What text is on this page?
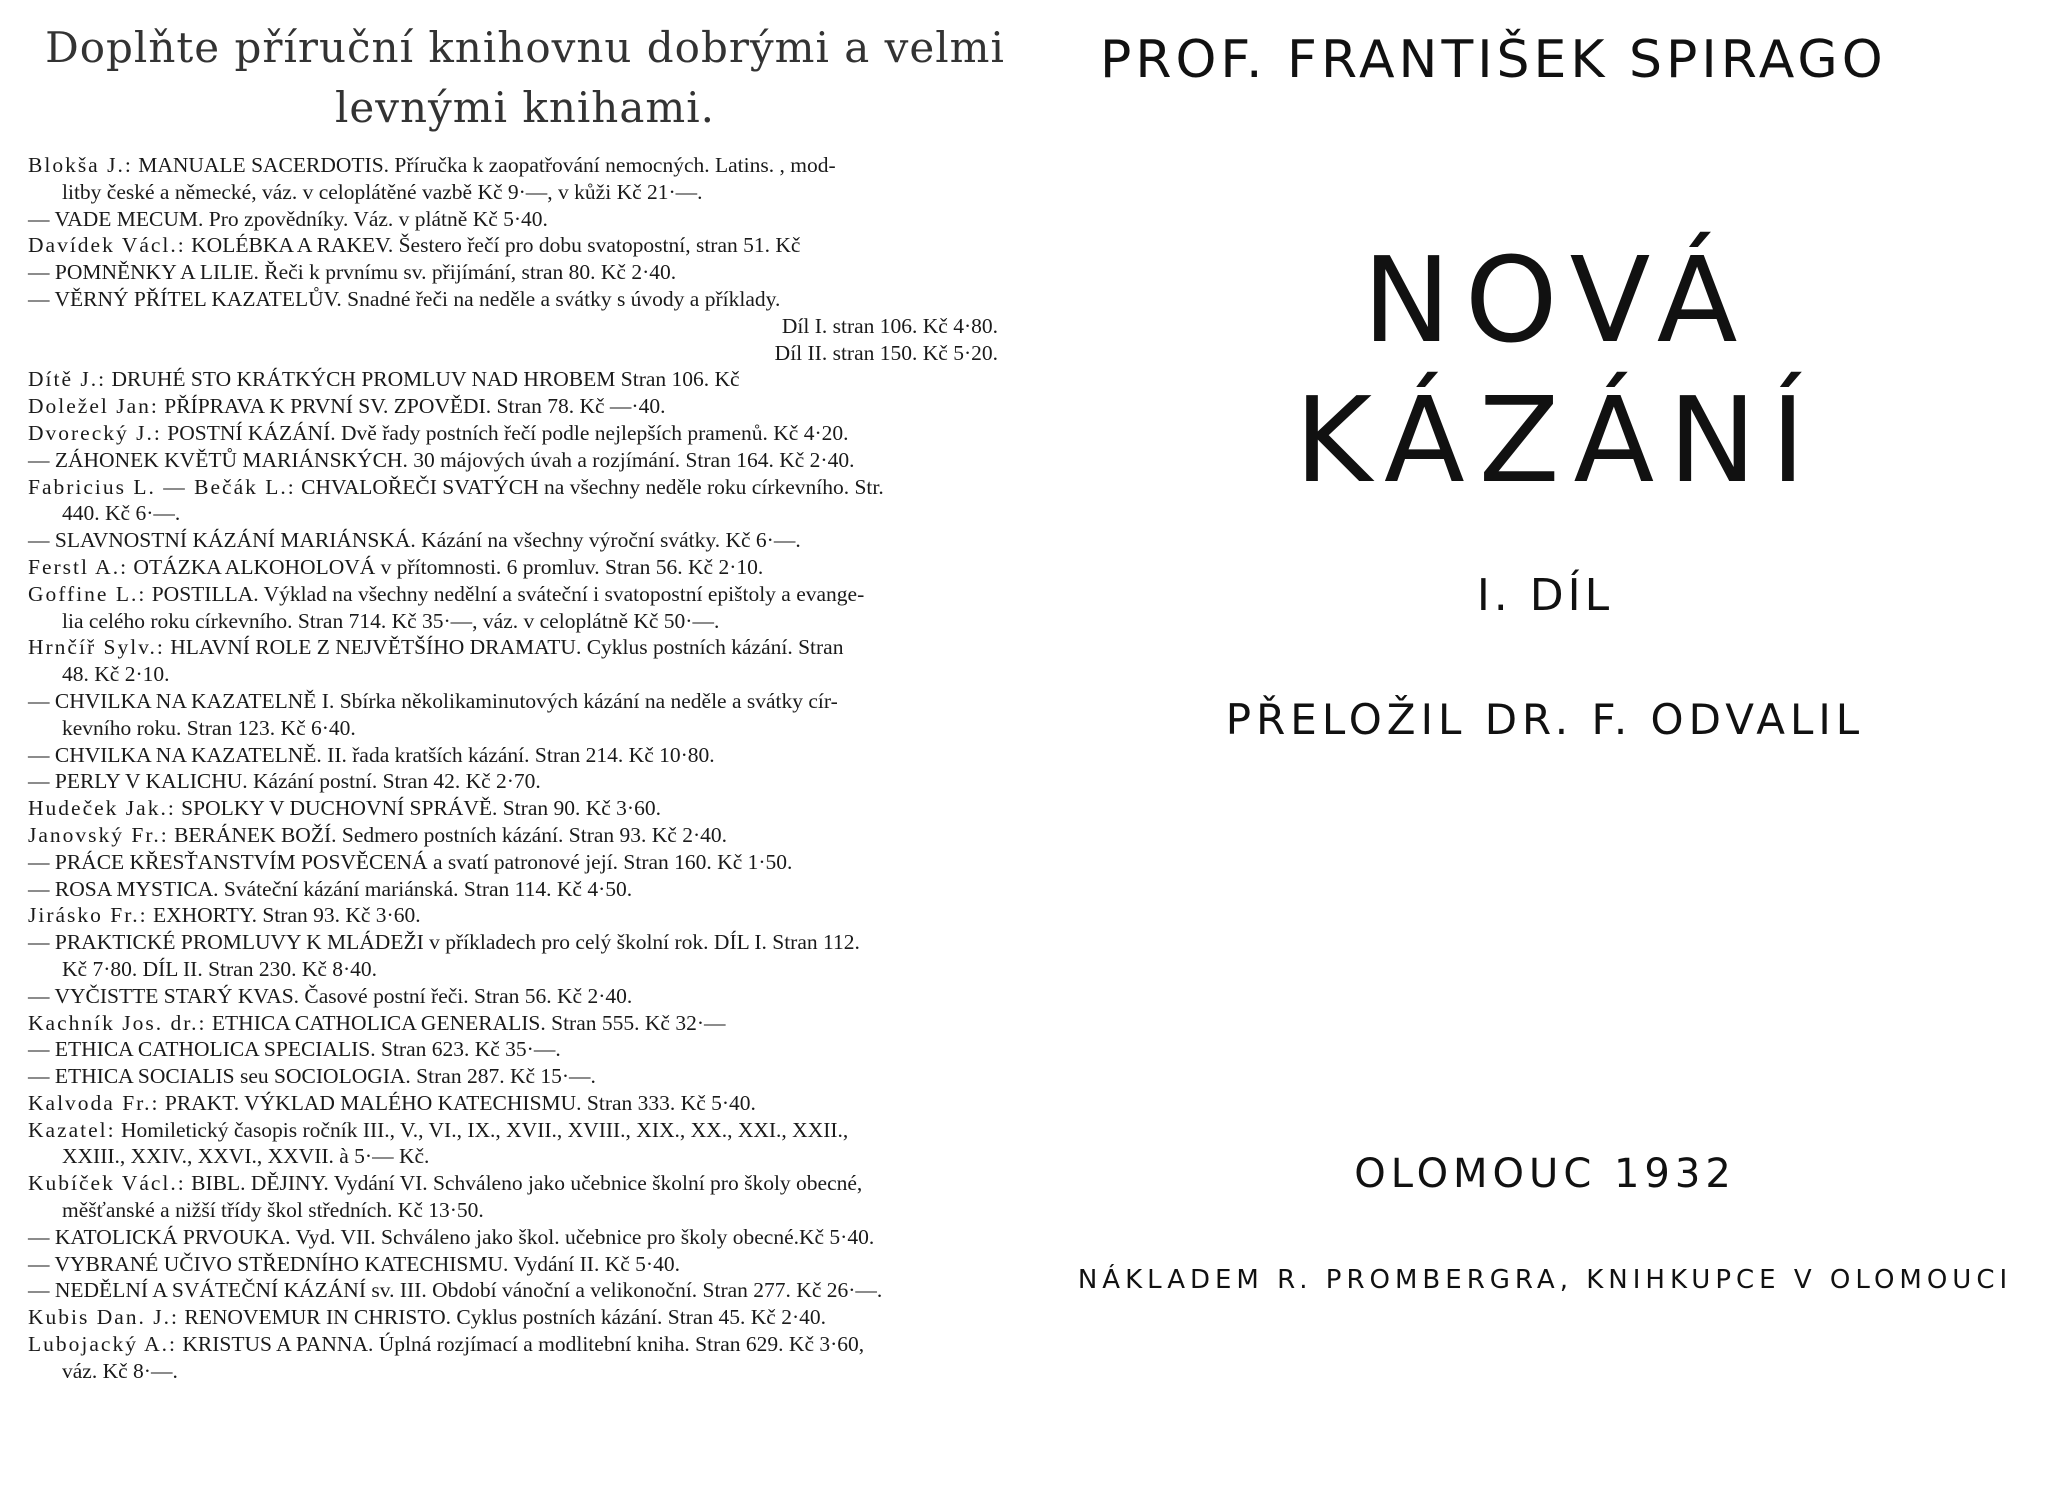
Doplňte příruční knihovnu dobrými a velmi
levnými knihami.
Blokša J.: MANUALE SACERDOTIS. Příručka k zaopatřování nemocných. Latins. , mod-
litby české a německé, váz. v celoplátěné vazbě Kč 9·—, v kůži Kč 21·—.
— VADE MECUM. Pro zpovědníky. Váz. v plátně Kč 5·40.
Davídek Václ.: KOLÉBKA A RAKEV. Šestero řečí pro dobu svatopostní, stran 51. Kč
— POMNĚNKY A LILIE. Řeči k prvnímu sv. přijímání, stran 80. Kč 2·40.
— VĚRNÝ PŘÍTEL KAZATELŮV. Snadné řeči na neděle a svátky s úvody a příklady.
Díl I. stran 106. Kč 4·80.
Díl II. stran 150. Kč 5·20.
Dítě J.: DRUHÉ STO KRÁTKÝCH PROMLUV NAD HROBEM Stran 106. Kč
Doležel Jan: PŘÍPRAVA K PRVNÍ SV. ZPOVĚDI. Stran 78. Kč —·40.
Dvorecký J.: POSTNÍ KÁZÁNÍ. Dvě řady postních řečí podle nejlepších pramenů. Kč 4·20.
— ZÁHONEK KVĚTŮ MARIÁNSKÝCH. 30 májových úvah a rozjímání. Stran 164. Kč 2·40.
Fabricius L. — Bečák L.: CHVALOŘEČI SVATÝCH na všechny neděle roku církevního. Str.
440. Kč 6·—.
— SLAVNOSTNÍ KÁZÁNÍ MARIÁNSKÁ. Kázání na všechny výroční svátky. Kč 6·—.
Ferstl A.: OTÁZKA ALKOHOLOVÁ v přítomnosti. 6 promluv. Stran 56. Kč 2·10.
Goffine L.: POSTILLA. Výklad na všechny nedělní a sváteční i svatopostní epištoly a evange-
lia celého roku církevního. Stran 714. Kč 35·—, váz. v celoplátně Kč 50·—.
Hrnčíř Sylv.: HLAVNÍ ROLE Z NEJVĚTŠÍHO DRAMATU. Cyklus postních kázání. Stran
48. Kč 2·10.
— CHVILKA NA KAZATELNĚ I. Sbírka několikaminutových kázání na neděle a svátky cír-
kevního roku. Stran 123. Kč 6·40.
— CHVILKA NA KAZATELNĚ. II. řada kratších kázání. Stran 214. Kč 10·80.
— PERLY V KALICHU. Kázání postní. Stran 42. Kč 2·70.
Hudeček Jak.: SPOLKY V DUCHOVNÍ SPRÁVĚ. Stran 90. Kč 3·60.
Janovský Fr.: BERÁNEK BOŽÍ. Sedmero postních kázání. Stran 93. Kč 2·40.
— PRÁCE KŘESŤANSTVÍM POSVĚCENÁ a svatí patronové její. Stran 160. Kč 1·50.
— ROSA MYSTICA. Sváteční kázání mariánská. Stran 114. Kč 4·50.
Jirásko Fr.: EXHORTY. Stran 93. Kč 3·60.
— PRAKTICKÉ PROMLUVY K MLÁDEŽI v příkladech pro celý školní rok. DÍL I. Stran 112.
Kč 7·80. DÍL II. Stran 230. Kč 8·40.
— VYČISTTE STARÝ KVAS. Časové postní řeči. Stran 56. Kč 2·40.
Kachník Jos. dr.: ETHICA CATHOLICA GENERALIS. Stran 555. Kč 32·—
— ETHICA CATHOLICA SPECIALIS. Stran 623. Kč 35·—.
— ETHICA SOCIALIS seu SOCIOLOGIA. Stran 287. Kč 15·—.
Kalvoda Fr.: PRAKT. VÝKLAD MALÉHO KATECHISMU. Stran 333. Kč 5·40.
Kazatel: Homiletický časopis ročník III., V., VI., IX., XVII., XVIII., XIX., XX., XXI., XXII.,
XXIII., XXIV., XXVI., XXVII. à 5·— Kč.
Kubíček Václ.: BIBL. DĚJINY. Vydání VI. Schváleno jako učebnice školní pro školy obecné,
měšťanské a nižší třídy škol středních. Kč 13·50.
— KATOLICKÁ PRVOUKA. Vyd. VII. Schváleno jako škol. učebnice pro školy obecné.Kč 5·40.
— VYBRANÉ UČIVO STŘEDNÍHO KATECHISMU. Vydání II. Kč 5·40.
— NEDĚLNÍ A SVÁTEČNÍ KÁZÁNÍ sv. III. Období vánoční a velikonoční. Stran 277. Kč 26·—.
Kubis Dan. J.: RENOVEMUR IN CHRISTO. Cyklus postních kázání. Stran 45. Kč 2·40.
Lubojacký A.: KRISTUS A PANNA. Úplná rozjímací a modlitební kniha. Stran 629. Kč 3·60,
váz. Kč 8·—.
PROF. FRANTIŠEK SPIRAGO
NOVÁ KÁZÁNÍ
I. DÍL
PŘELOŽIL DR. F. ODVALIL
OLOMOUC 1932
NÁKLADEM R. PROMBERGRA, KNIHKUPCE V OLOMOUCI
